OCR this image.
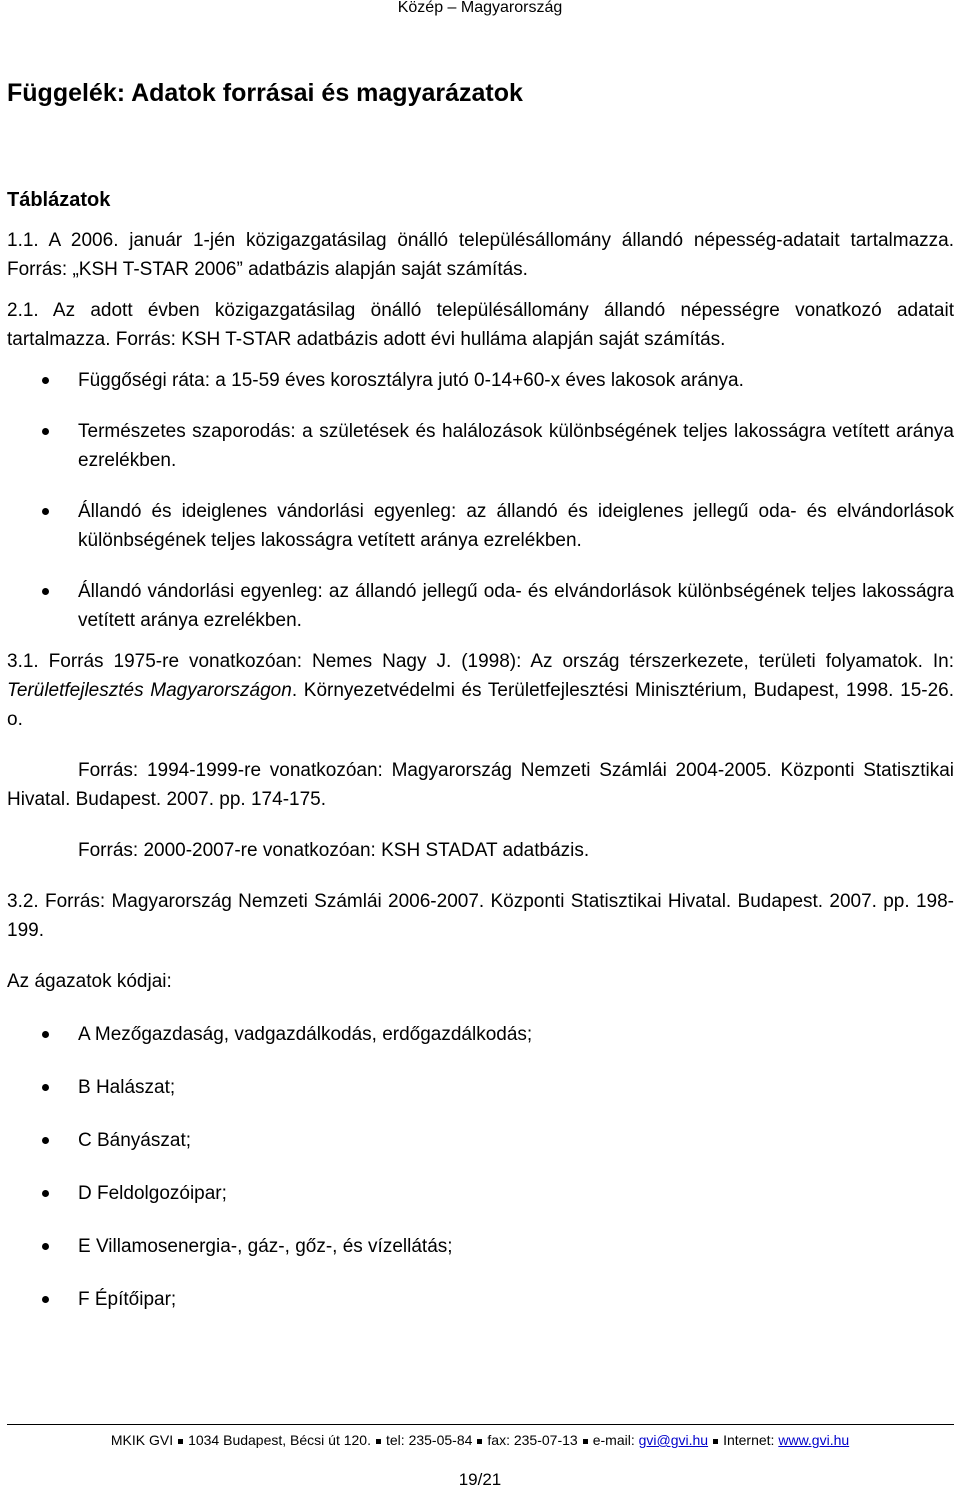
Közép – Magyarország

Függelék: Adatok forrásai és magyarázatok

Táblázatok

1.1. A 2006. január 1-jén közigazgatásilag önálló településállomány állandó népesség-adatait tartalmazza. Forrás: „KSH T-STAR 2006” adatbázis alapján saját számítás.

2.1. Az adott évben közigazgatásilag önálló településállomány állandó népességre vonatkozó adatait tartalmazza. Forrás: KSH T-STAR adatbázis adott évi hulláma alapján saját számítás.

Függőségi ráta: a 15-59 éves korosztályra jutó 0-14+60-x éves lakosok aránya.
Természetes szaporodás: a születések és halálozások különbségének teljes lakosságra vetített aránya ezrelékben.
Állandó és ideiglenes vándorlási egyenleg: az állandó és ideiglenes jellegű oda- és elvándorlások különbségének teljes lakosságra vetített aránya ezrelékben.
Állandó vándorlási egyenleg: az állandó jellegű oda- és elvándorlások különbségének teljes lakosságra vetített aránya ezrelékben.

3.1. Forrás 1975-re vonatkozóan: Nemes Nagy J. (1998): Az ország térszerkezete, területi folyamatok. In: Területfejlesztés Magyarországon. Környezetvédelmi és Területfejlesztési Minisztérium, Budapest, 1998. 15-26. o.

Forrás: 1994-1999-re vonatkozóan: Magyarország Nemzeti Számlái 2004-2005. Központi Statisztikai Hivatal. Budapest. 2007. pp. 174-175.

Forrás: 2000-2007-re vonatkozóan: KSH STADAT adatbázis.

3.2. Forrás: Magyarország Nemzeti Számlái 2006-2007. Központi Statisztikai Hivatal. Budapest. 2007. pp. 198-199.

Az ágazatok kódjai:

A Mezőgazdaság, vadgazdálkodás, erdőgazdálkodás;
B Halászat;
C Bányászat;
D Feldolgozóipar;
E Villamosenergia-, gáz-, gőz-, és vízellátás;
F Építőipar;
MKIK GVI 1034 Budapest, Bécsi út 120. tel: 235-05-84 fax: 235-07-13 e-mail: gvi@gvi.hu Internet: www.gvi.hu
19/21
